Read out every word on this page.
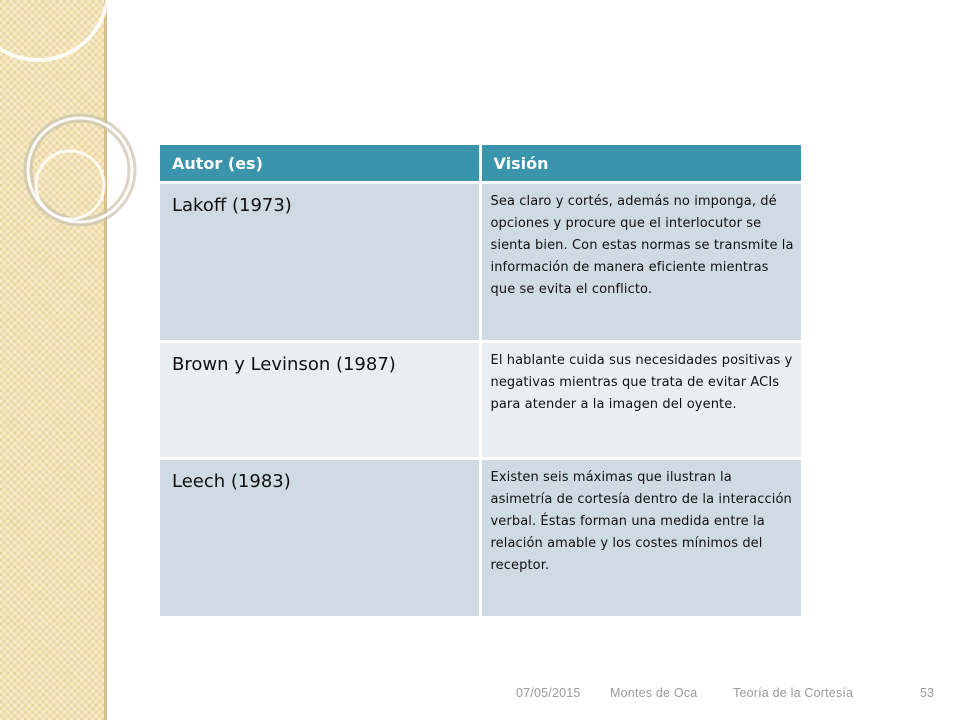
Autor (es)	Visión
Lakoff (1973)	Sea claro y cortés, además no imponga, dé opciones y procure que el interlocutor se sienta bien. Con estas normas se transmite la información de manera eficiente mientras que se evita el conflicto.
Brown y Levinson (1987)	El hablante cuida sus necesidades positivas y negativas mientras que trata de evitar ACIs para atender a la imagen del oyente.
Leech (1983)	Existen seis máximas que ilustran la asimetría de cortesía dentro de la interacción verbal. Éstas forman una medida entre la relación amable y los costes mínimos del receptor.
07/05/2015 Montes de Oca	Teoría de la Cortesía	53
